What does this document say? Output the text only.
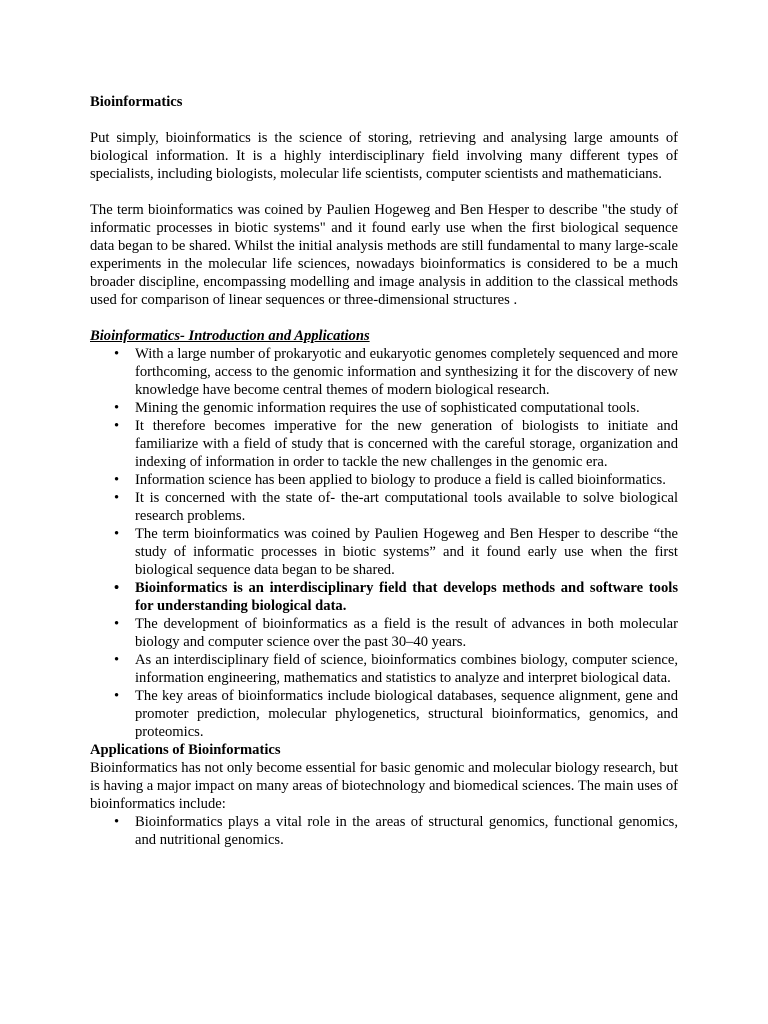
Bioinformatics

Put simply, bioinformatics is the science of storing, retrieving and analysing large amounts of biological information. It is a highly interdisciplinary field involving many different types of specialists, including biologists, molecular life scientists, computer scientists and mathematicians.

The term bioinformatics was coined by Paulien Hogeweg and Ben Hesper to describe "the study of informatic processes in biotic systems" and it found early use when the first biological sequence data began to be shared. Whilst the initial analysis methods are still fundamental to many large-scale experiments in the molecular life sciences, nowadays bioinformatics is considered to be a much broader discipline, encompassing modelling and image analysis in addition to the classical methods used for comparison of linear sequences or three-dimensional structures .

Bioinformatics- Introduction and Applications
• With a large number of prokaryotic and eukaryotic genomes completely sequenced and more forthcoming, access to the genomic information and synthesizing it for the discovery of new knowledge have become central themes of modern biological research.
• Mining the genomic information requires the use of sophisticated computational tools.
• It therefore becomes imperative for the new generation of biologists to initiate and familiarize with a field of study that is concerned with the careful storage, organization and indexing of information in order to tackle the new challenges in the genomic era.
• Information science has been applied to biology to produce a field is called bioinformatics.
• It is concerned with the state of- the-art computational tools available to solve biological research problems.
• The term bioinformatics was coined by Paulien Hogeweg and Ben Hesper to describe “the study of informatic processes in biotic systems” and it found early use when the first biological sequence data began to be shared.
• Bioinformatics is an interdisciplinary field that develops methods and software tools for understanding biological data.
• The development of bioinformatics as a field is the result of advances in both molecular biology and computer science over the past 30–40 years.
• As an interdisciplinary field of science, bioinformatics combines biology, computer science, information engineering, mathematics and statistics to analyze and interpret biological data.
• The key areas of bioinformatics include biological databases, sequence alignment, gene and promoter prediction, molecular phylogenetics, structural bioinformatics, genomics, and proteomics.
Applications of Bioinformatics
Bioinformatics has not only become essential for basic genomic and molecular biology research, but is having a major impact on many areas of biotechnology and biomedical sciences. The main uses of bioinformatics include:
• Bioinformatics plays a vital role in the areas of structural genomics, functional genomics, and nutritional genomics.
